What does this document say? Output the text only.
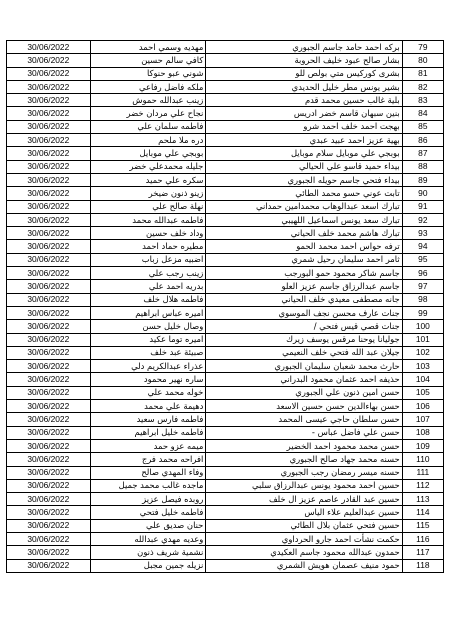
30/06/2022	مهديه وسمي احمد	بركه احمد حامد جاسم الجبوري	79
30/06/2022	كافي سالم حسين	بشار صالح عبود خليف الحروبة	80
30/06/2022	شوني عبو حنوكا	بشرى كوركيس متي بولص للو	81
30/06/2022	ملكه فاضل رفاعي	بشير يونس مطر خليل الحديدي	82
30/06/2022	زينب عبدالله حموش	بلية غالب حسين محمد قدم	83
30/06/2022	نجاح علي مردان خضر	بنين سبهان قاسم خضر ادريس	84
30/06/2022	فاطمه سلمان علي	بهجت احمد خلف احمد شرو	85
30/06/2022	دره ملا ملحم	بهية عزيز احمد عبيد عبدي	86
30/06/2022	بوبجي علي موبايل	بوبجي علي موبايل سلام موبايل	87
30/06/2022	جليله محمدعلي خضر	بيداء حميد قاسو علي الحيالي	88
30/06/2022	سكره علي حميد	بيداء فتحي جاسم حويله الجبوري	89
30/06/2022	زينو ذنون ضيخر	تابت عوني حسو محمد الطائي	90
30/06/2022	نهلة صالح علي	تبارك اسعد عبدالوهاب محمدامين حمداني	91
30/06/2022	فاطمه عبدالله محمد	تبارك سعد يونس اسماعيل اللهيبي	92
30/06/2022	وداد خلف حسين	تبارك هاشم محمد خلف الحياني	93
30/06/2022	مطيره حماد احمد	ترفه حواس احمد محمد الحمو	94
30/06/2022	اضبيه مزعل زباب	ثامر احمد سليمان رحيل شمري	95
30/06/2022	زينب رجب علي	جاسم شاكر محمود حمو البورجب	96
30/06/2022	بدريه احمد علي	جاسم عبدالرزاق جاسم عزيز العلو	97
30/06/2022	فاطمه هلال خلف	جانه مصطفى معيدي خلف الحياني	98
30/06/2022	اميره عباس ابراهيم	جنات عارف محسن نجف الموسوي	99
30/06/2022	وصال خليل حسن	جنات قصي قيس فتحي /	100
30/06/2022	اميره توما عكيد	جوليانا يوحنا مرقس يوسف زيرك	101
30/06/2022	صبيئة عبد خلف	جيلان عبد الله فتحي خلف النعيمي	102
30/06/2022	عذراء عبدالكريم دلي	حارث محمد شعبان سليمان الجبوري	103
30/06/2022	ساره نهير محمود	حذيفه احمد عثمان محمود البدراني	104
30/06/2022	خوله محمد علي	حسن امين ذنون علي الجبوري	105
30/06/2022	دهيمة علي محمد	حسن بهاءالدين حسن حسين الاسعد	106
30/06/2022	فاطمه فارس سعيد	حسن سلطان حاجي عيسى المحمد	107
30/06/2022	فاطمه خليل ابراهيم	حسن علي فاضل عباس -	108
30/06/2022	ميمه عزو حمد	حسن محمد محمود احمد الخضير	109
30/06/2022	افراحه محمد فرج	حسنه محمد جهاد صالح الجبوري	110
30/06/2022	وفاء المهدي صالح	حسنه ميسر رمضان رجب الجبوري	111
30/06/2022	ماجده غالب محمد جميل	حسين احمد محمود يونس عبدالرزاق سلبي	112
30/06/2022	روبده فيصل عزيز	حسين عبد القادر عاصم عزيز ال خلف	113
30/06/2022	فاطمه خليل فتحي	حسين عبدالعليم علاء الياس	114
30/06/2022	حنان صديق علي	حسين فتحي عثمان بلال الطائي	115
30/06/2022	وعديه مهدي عبدالله	حكمت نشأت احمد جارو الحرداوي	116
30/06/2022	نشمية شريف ذنون	حمدون عبدالله محمود جاسم العكيدي	117
30/06/2022	نزيله جمين مجبل	حمود منيف عصمان هويش الشمري	118
